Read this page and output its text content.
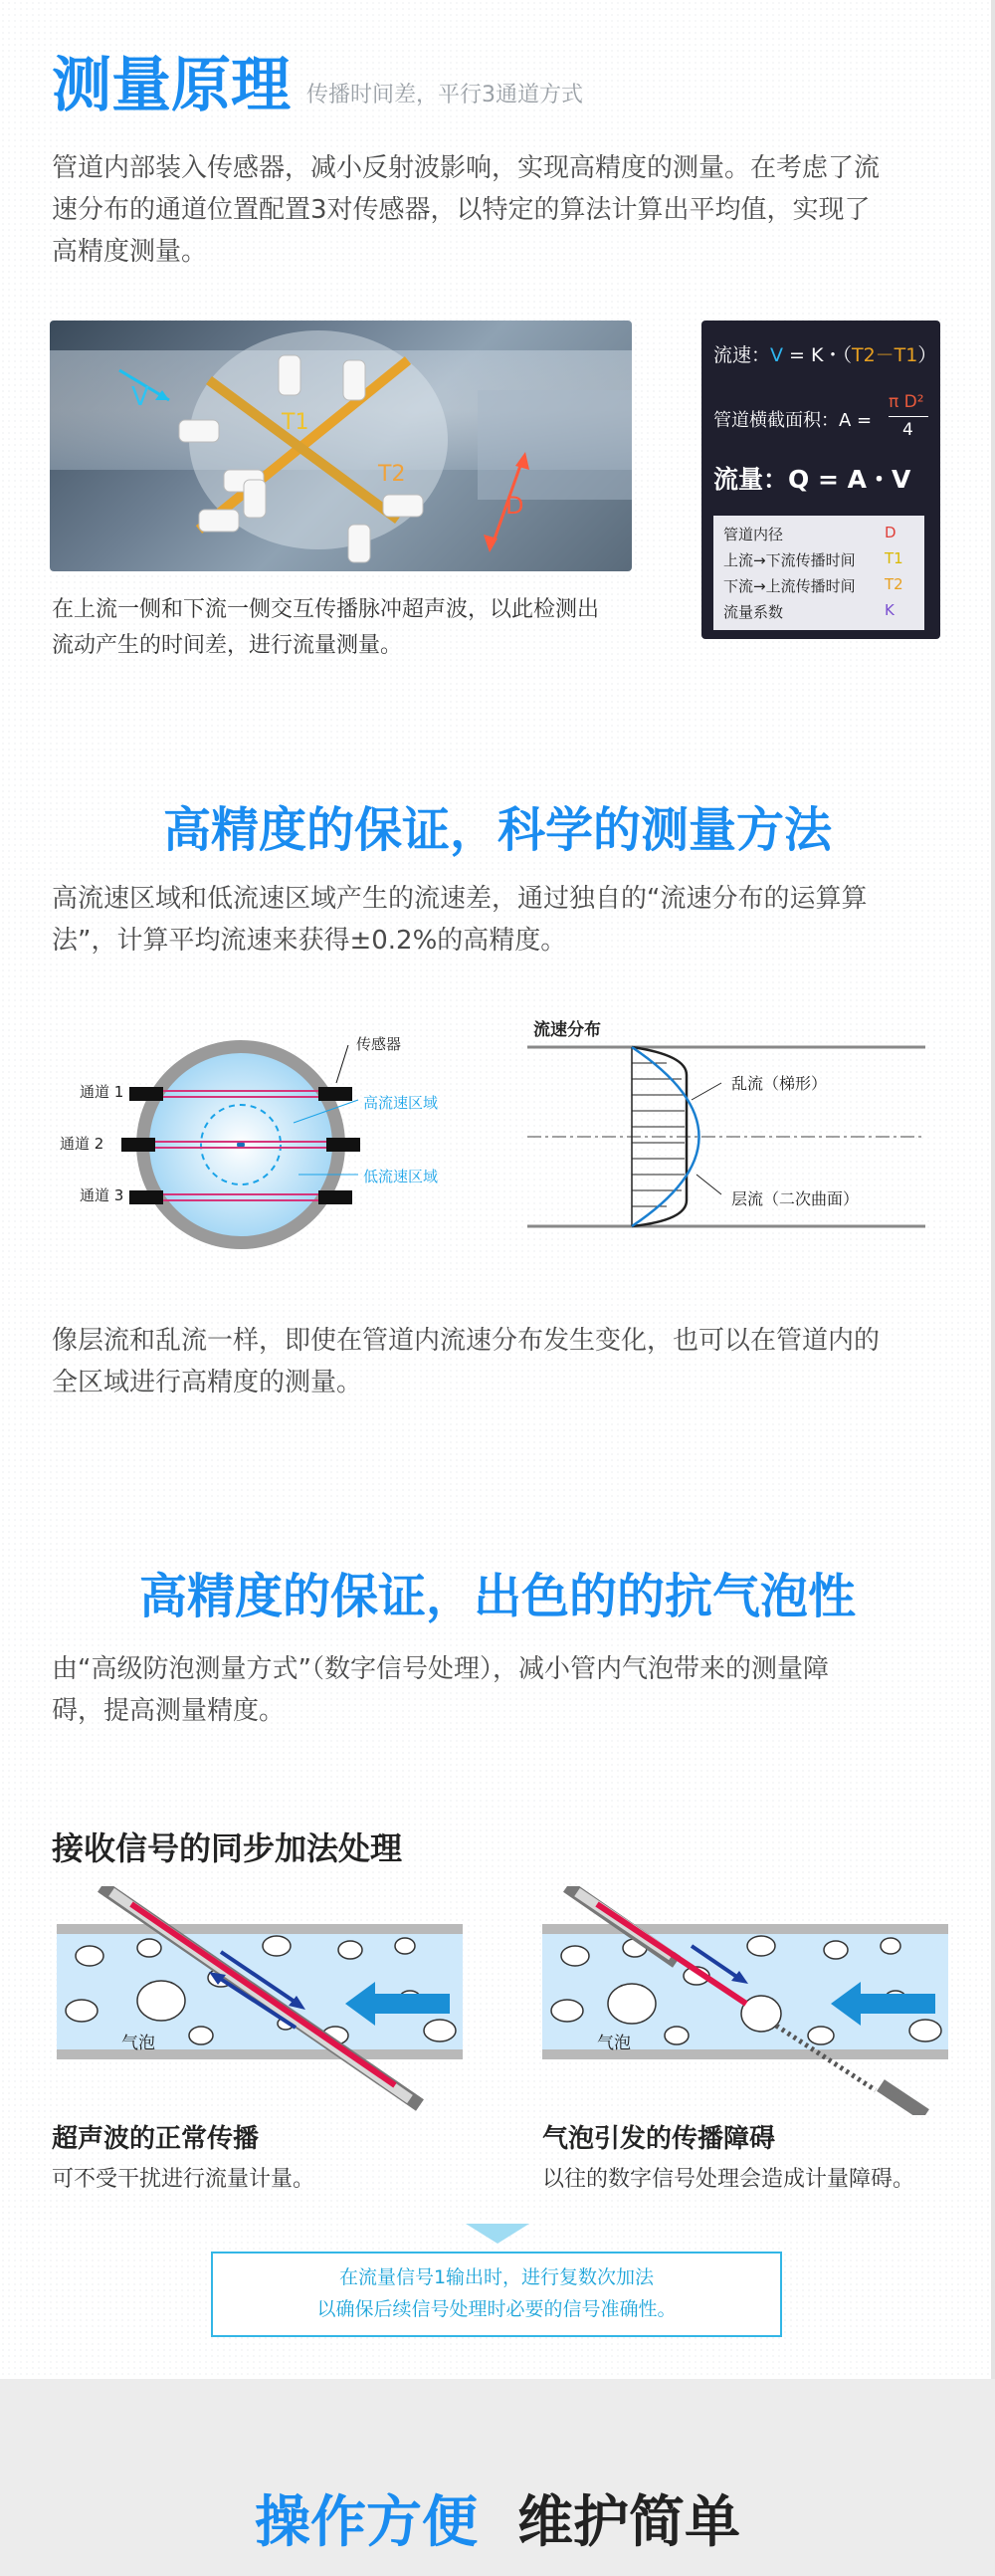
测量原理 传播时间差，平行3通道方式
管道内部装入传感器，减小反射波影响，实现高精度的测量。在考虑了流
速分布的通道位置配置3对传感器，以特定的算法计算出平均值，实现了
高精度测量。
V
T1
T2
D
在上流一侧和下流一侧交互传播脉冲超声波，以此检测出
流动产生的时间差，进行流量测量。
流速：V = K・（T2－T1）
管道横截面积：A =
π D²
4
流量：Q = A・V
管道内径	D
上流→下流传播时间 T1
下流→上流传播时间 T2
流量系数	K
高精度的保证，科学的测量方法
高流速区域和低流速区域产生的流速差，通过独自的“流速分布的运算算
法”，计算平均流速来获得±0.2%的高精度。
传感器
通道 1
通道 2
通道 3
高流速区域
低流速区域
流速分布
乱流（梯形）
层流（二次曲面）
像层流和乱流一样，即使在管道内流速分布发生变化，也可以在管道内的
全区域进行高精度的测量。
高精度的保证，出色的的抗气泡性
由“高级防泡测量方式”（数字信号处理），减小管内气泡带来的测量障
碍，提高测量精度。
接收信号的同步加法处理
气泡	气泡
超声波的正常传播
可不受干扰进行流量计量。
气泡引发的传播障碍
以往的数字信号处理会造成计量障碍。
在流量信号1输出时，进行复数次加法
以确保后续信号处理时必要的信号准确性。
操作方便 维护简单
